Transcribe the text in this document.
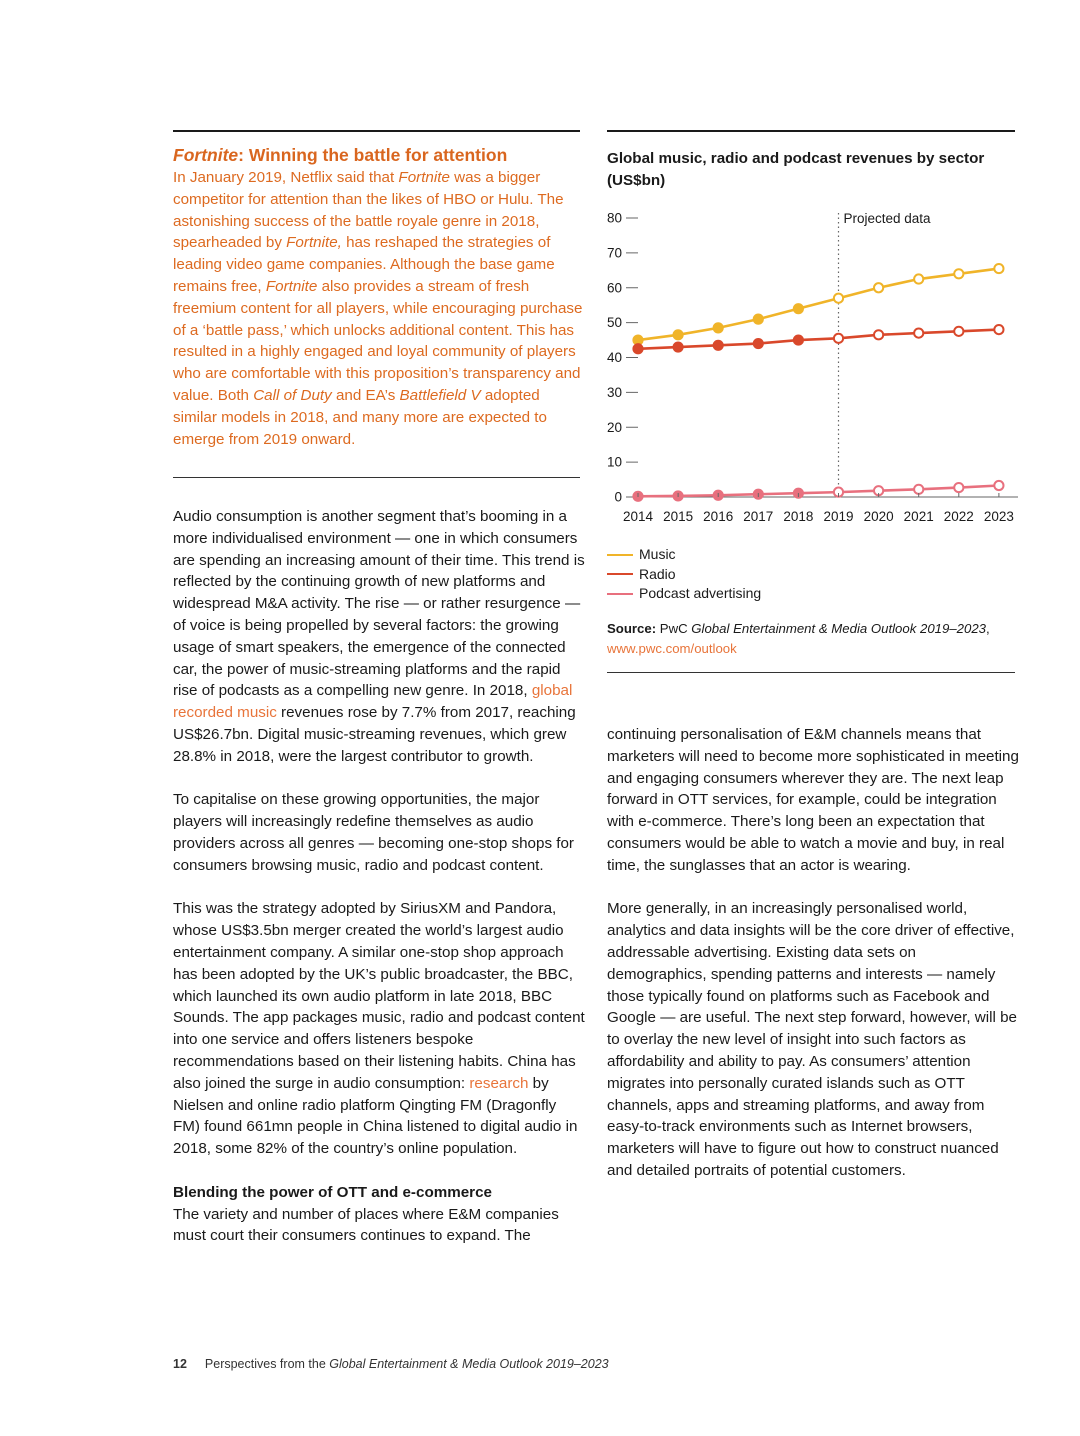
Fortnite: Winning the battle for attention

In January 2019, Netflix said that Fortnite was a bigger competitor for attention than the likes of HBO or Hulu. The astonishing success of the battle royale genre in 2018, spearheaded by Fortnite, has reshaped the strategies of leading video game companies. Although the base game remains free, Fortnite also provides a stream of fresh freemium content for all players, while encouraging purchase of a ‘battle pass,’ which unlocks additional content. This has resulted in a highly engaged and loyal community of players who are comfortable with this proposition’s transparency and value. Both Call of Duty and EA’s Battlefield V adopted similar models in 2018, and many more are expected to emerge from 2019 onward.

Audio consumption is another segment that’s booming in a more individualised environment — one in which consumers are spending an increasing amount of their time. This trend is reflected by the continuing growth of new platforms and widespread M&A activity. The rise — or rather resurgence — of voice is being propelled by several factors: the growing usage of smart speakers, the emergence of the connected car, the power of music-streaming platforms and the rapid rise of podcasts as a compelling new genre. In 2018, global recorded music revenues rose by 7.7% from 2017, reaching US$26.7bn. Digital music-streaming revenues, which grew 28.8% in 2018, were the largest contributor to growth.

To capitalise on these growing opportunities, the major players will increasingly redefine themselves as audio providers across all genres — becoming one-stop shops for consumers browsing music, radio and podcast content.

This was the strategy adopted by SiriusXM and Pandora, whose US$3.5bn merger created the world’s largest audio entertainment company. A similar one-stop shop approach has been adopted by the UK’s public broadcaster, the BBC, which launched its own audio platform in late 2018, BBC Sounds. The app packages music, radio and podcast content into one service and offers listeners bespoke recommendations based on their listening habits. China has also joined the surge in audio consumption: research by Nielsen and online radio platform Qingting FM (Dragonfly FM) found 661mn people in China listened to digital audio in 2018, some 82% of the country’s online population.

Blending the power of OTT and e-commerce

The variety and number of places where E&M companies must court their consumers continues to expand. The

Global music, radio and podcast revenues by sector (US$bn)
0
10
20
30
40
50
60
70
80	Projected data
2014 2015 2016 2017 2018 2019 2020 2021 2022 2023
Music
Radio
Podcast advertising
Source: PwC Global Entertainment & Media Outlook 2019–2023,
www.pwc.com/outlook

continuing personalisation of E&M channels means that marketers will need to become more sophisticated in meeting and engaging consumers wherever they are. The next leap forward in OTT services, for example, could be integration with e-commerce. There’s long been an expectation that consumers would be able to watch a movie and buy, in real time, the sunglasses that an actor is wearing.

More generally, in an increasingly personalised world, analytics and data insights will be the core driver of effective, addressable advertising. Existing data sets on demographics, spending patterns and interests — namely those typically found on platforms such as Facebook and Google — are useful. The next step forward, however, will be to overlay the new level of insight into such factors as affordability and ability to pay. As consumers’ attention migrates into personally curated islands such as OTT channels, apps and streaming platforms, and away from easy-to-track environments such as Internet browsers, marketers will have to figure out how to construct nuanced and detailed portraits of potential customers.

12 Perspectives from the Global Entertainment & Media Outlook 2019–2023
